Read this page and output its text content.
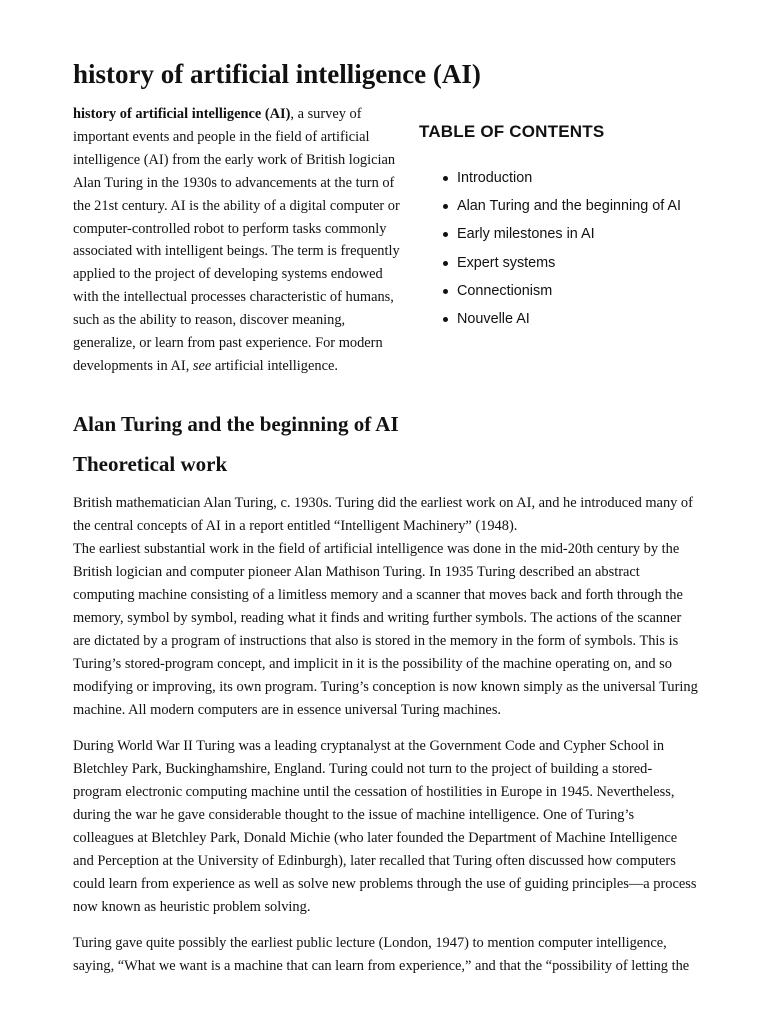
history of artificial intelligence (AI)

history of artificial intelligence (AI), a survey of important events and people in the field of artificial intelligence (AI) from the early work of British logician Alan Turing in the 1930s to advancements at the turn of the 21st century. AI is the ability of a digital computer or computer-controlled robot to perform tasks commonly associated with intelligent beings. The term is frequently applied to the project of developing systems endowed with the intellectual processes characteristic of humans, such as the ability to reason, discover meaning, generalize, or learn from past experience. For modern developments in AI, see artificial intelligence.

TABLE OF CONTENTS
Introduction
Alan Turing and the beginning of AI
Early milestones in AI
Expert systems
Connectionism
Nouvelle AI
Alan Turing and the beginning of AI
Theoretical work

British mathematician Alan Turing, c. 1930s. Turing did the earliest work on AI, and he introduced many of the central concepts of AI in a report entitled “Intelligent Machinery” (1948).

The earliest substantial work in the field of artificial intelligence was done in the mid-20th century by the British logician and computer pioneer Alan Mathison Turing. In 1935 Turing described an abstract computing machine consisting of a limitless memory and a scanner that moves back and forth through the memory, symbol by symbol, reading what it finds and writing further symbols. The actions of the scanner are dictated by a program of instructions that also is stored in the memory in the form of symbols. This is Turing’s stored-program concept, and implicit in it is the possibility of the machine operating on, and so modifying or improving, its own program. Turing’s conception is now known simply as the universal Turing machine. All modern computers are in essence universal Turing machines.

During World War II Turing was a leading cryptanalyst at the Government Code and Cypher School in Bletchley Park, Buckinghamshire, England. Turing could not turn to the project of building a stored-program electronic computing machine until the cessation of hostilities in Europe in 1945. Nevertheless, during the war he gave considerable thought to the issue of machine intelligence. One of Turing’s colleagues at Bletchley Park, Donald Michie (who later founded the Department of Machine Intelligence and Perception at the University of Edinburgh), later recalled that Turing often discussed how computers could learn from experience as well as solve new problems through the use of guiding principles—a process now known as heuristic problem solving.

Turing gave quite possibly the earliest public lecture (London, 1947) to mention computer intelligence, saying, “What we want is a machine that can learn from experience,” and that the “possibility of letting the
